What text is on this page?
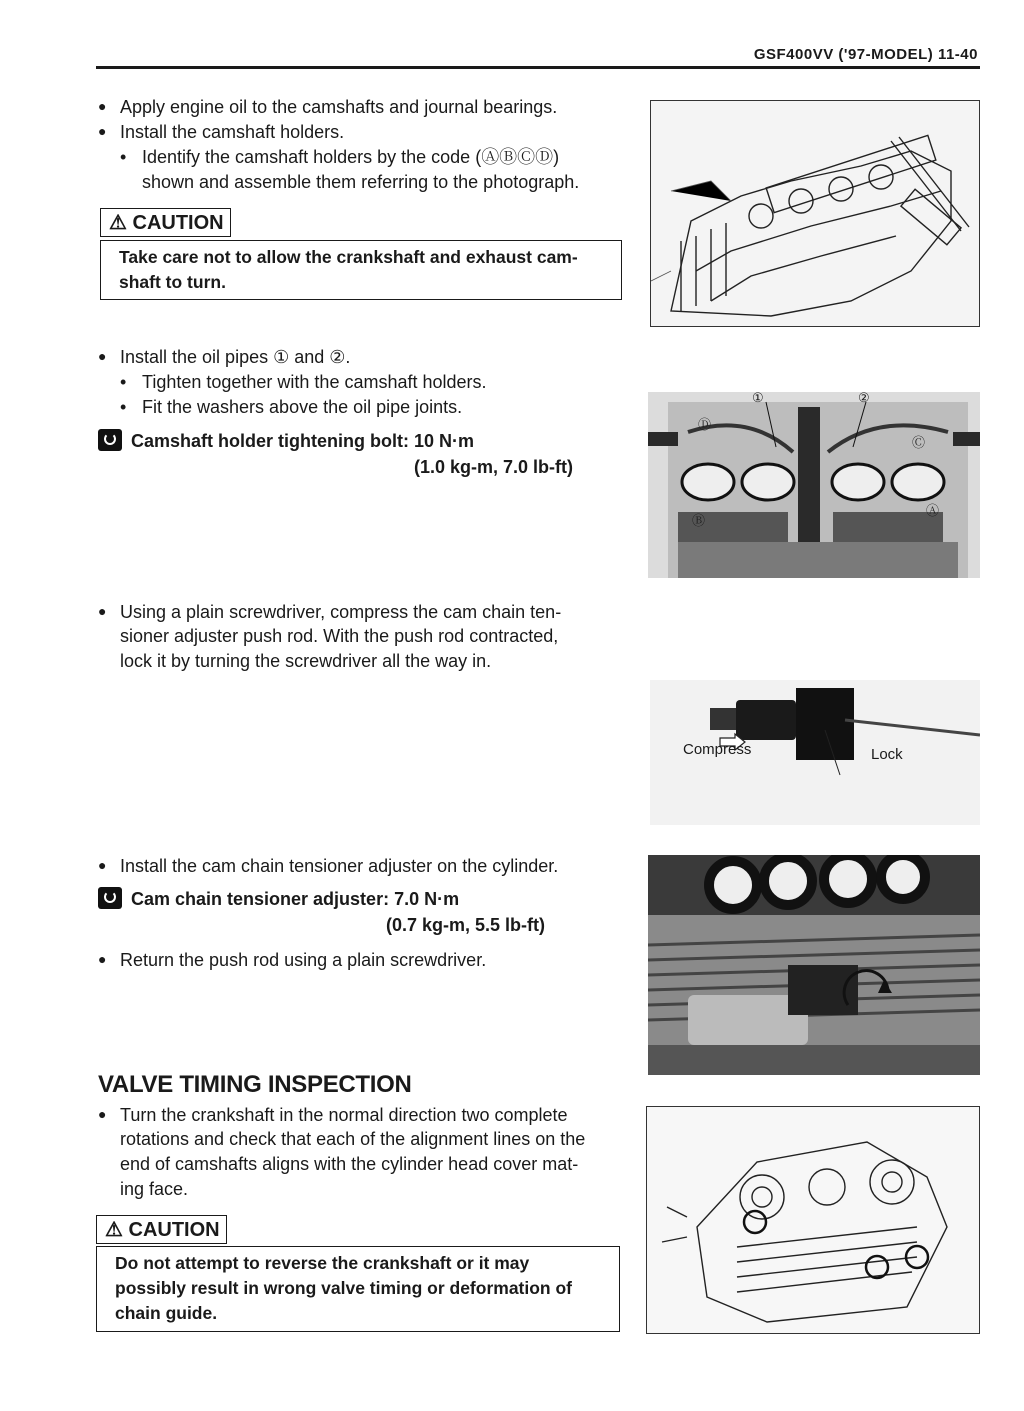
GSF400VV ('97-MODEL) 11-40
● Apply engine oil to the camshafts and journal bearings.
● Install the camshaft holders.
• Identify the camshaft holders by the code (ⒶⒷⒸⒹ)
shown and assemble them referring to the photograph.
⚠ CAUTION
Take care not to allow the crankshaft and exhaust cam-
shaft to turn.
● Install the oil pipes ① and ②.
• Tighten together with the camshaft holders.
• Fit the washers above the oil pipe joints.
Camshaft holder tightening bolt: 10 N·m
(1.0 kg-m, 7.0 lb-ft)
①	②
Ⓓ
Ⓒ
Ⓑ
Ⓐ
● Using a plain screwdriver, compress the cam chain ten-
sioner adjuster push rod. With the push rod contracted,
lock it by turning the screwdriver all the way in.
Compress	Lock
● Install the cam chain tensioner adjuster on the cylinder.
Cam chain tensioner adjuster: 7.0 N·m
(0.7 kg-m, 5.5 lb-ft)
● Return the push rod using a plain screwdriver.
VALVE TIMING INSPECTION
● Turn the crankshaft in the normal direction two complete
rotations and check that each of the alignment lines on the
end of camshafts aligns with the cylinder head cover mat-
ing face.
⚠ CAUTION
Do not attempt to reverse the crankshaft or it may
possibly result in wrong valve timing or deformation of
chain guide.
